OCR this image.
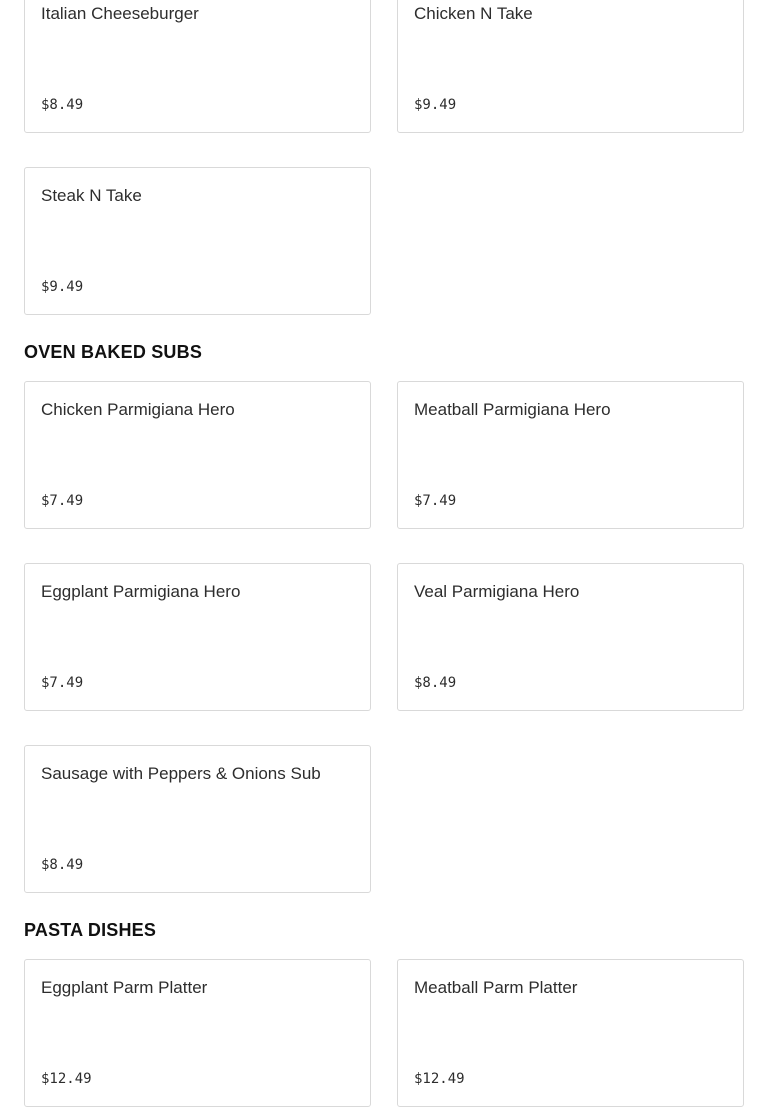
Italian Cheeseburger
$8.49
Chicken N Take
$9.49
Steak N Take
$9.49
OVEN BAKED SUBS
Chicken Parmigiana Hero
$7.49
Meatball Parmigiana Hero
$7.49
Eggplant Parmigiana Hero
$7.49
Veal Parmigiana Hero
$8.49
Sausage with Peppers & Onions Sub
$8.49
PASTA DISHES
Eggplant Parm Platter
$12.49
Meatball Parm Platter
$12.49
